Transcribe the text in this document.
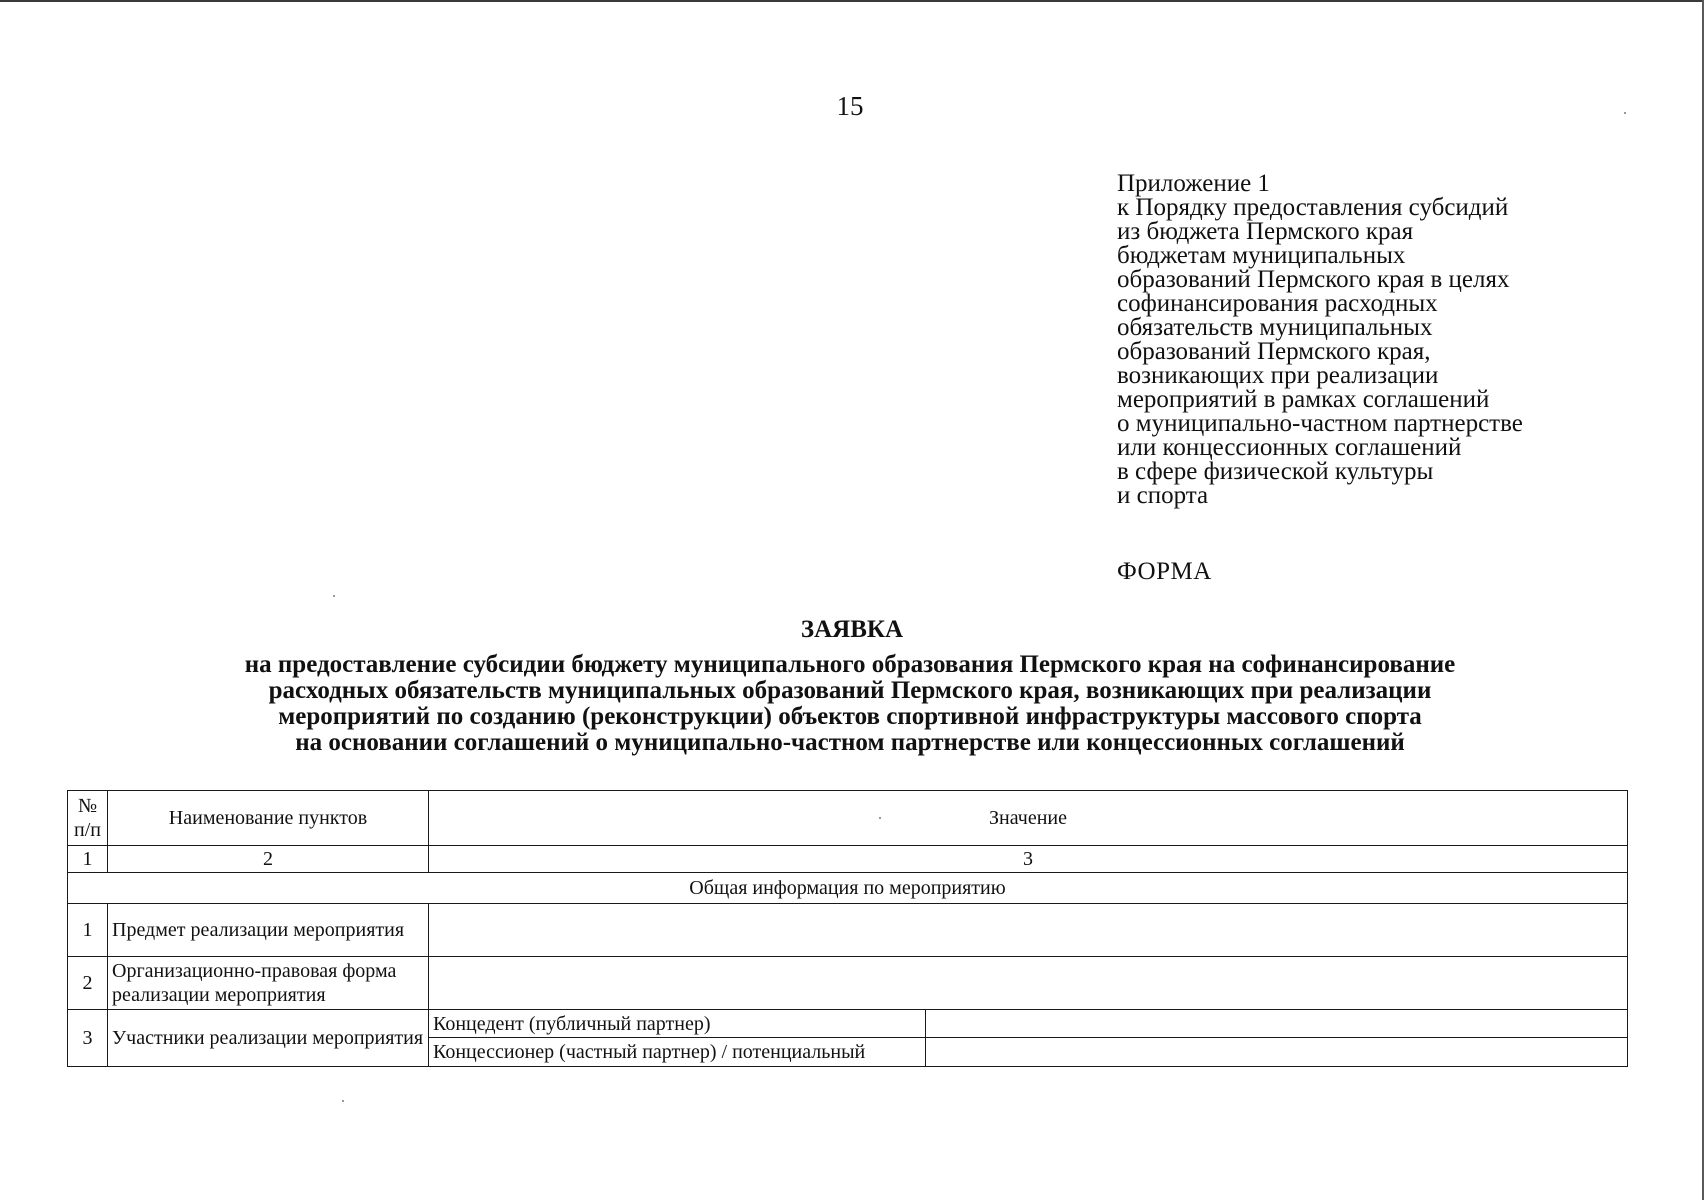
15
Приложение 1
к Порядку предоставления субсидий
из бюджета Пермского края
бюджетам муниципальных
образований Пермского края в целях
софинансирования расходных
обязательств муниципальных
образований Пермского края,
возникающих при реализации
мероприятий в рамках соглашений
о муниципально-частном партнерстве
или концессионных соглашений
в сфере физической культуры
и спорта
ФОРМА
ЗАЯВКА
на предоставление субсидии бюджету муниципального образования Пермского края на софинансирование
расходных обязательств муниципальных образований Пермского края, возникающих при реализации
мероприятий по созданию (реконструкции) объектов спортивной инфраструктуры массового спорта
на основании соглашений о муниципально-частном партнерстве или концессионных соглашений
№
п/п	Наименование пунктов	Значение	
1	2	3	
Общая информация по мероприятию			
1	Предмет реализации мероприятия		
2	Организационно-правовая форма реализации мероприятия		
3	Участники реализации мероприятия	Концедент (публичный партнер)	
		Концессионер (частный партнер) / потенциальный	
